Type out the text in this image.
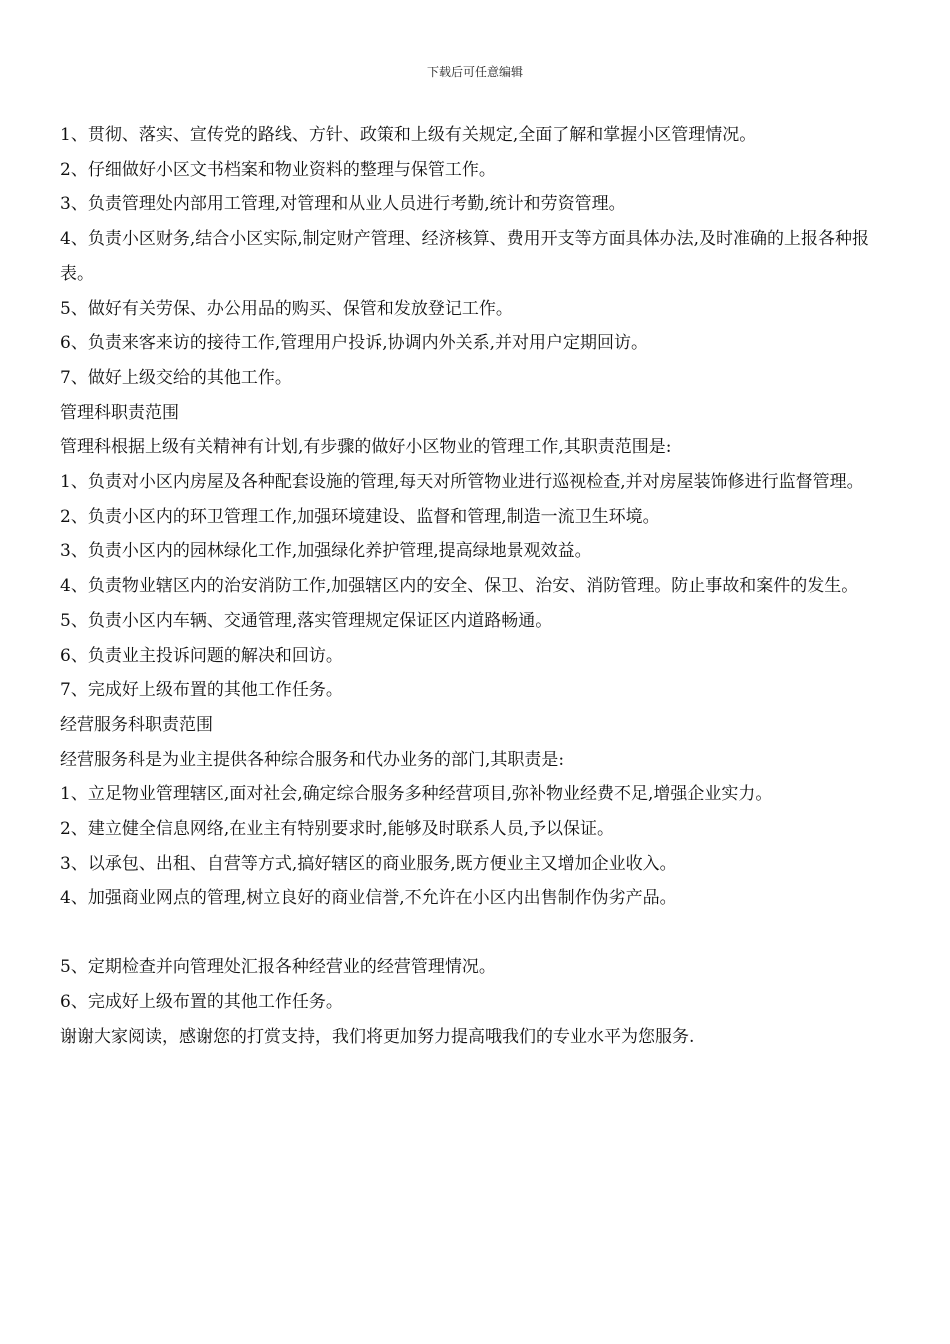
下载后可任意编辑

1、贯彻、落实、宣传党的路线、方针、政策和上级有关规定,全面了解和掌握小区管理情况。

2、仔细做好小区文书档案和物业资料的整理与保管工作。

3、负责管理处内部用工管理,对管理和从业人员进行考勤,统计和劳资管理。

4、负责小区财务,结合小区实际,制定财产管理、经济核算、费用开支等方面具体办法,及时准确的上报各种报表。

5、做好有关劳保、办公用品的购买、保管和发放登记工作。

6、负责来客来访的接待工作,管理用户投诉,协调内外关系,并对用户定期回访。

7、做好上级交给的其他工作。

管理科职责范围

管理科根据上级有关精神有计划,有步骤的做好小区物业的管理工作,其职责范围是:

1、负责对小区内房屋及各种配套设施的管理,每天对所管物业进行巡视检查,并对房屋装饰修进行监督管理。

2、负责小区内的环卫管理工作,加强环境建设、监督和管理,制造一流卫生环境。

3、负责小区内的园林绿化工作,加强绿化养护管理,提高绿地景观效益。

4、负责物业辖区内的治安消防工作,加强辖区内的安全、保卫、治安、消防管理。防止事故和案件的发生。

5、负责小区内车辆、交通管理,落实管理规定保证区内道路畅通。

6、负责业主投诉问题的解决和回访。

7、完成好上级布置的其他工作任务。

经营服务科职责范围

经营服务科是为业主提供各种综合服务和代办业务的部门,其职责是:

1、立足物业管理辖区,面对社会,确定综合服务多种经营项目,弥补物业经费不足,增强企业实力。

2、建立健全信息网络,在业主有特别要求时,能够及时联系人员,予以保证。

3、以承包、出租、自营等方式,搞好辖区的商业服务,既方便业主又增加企业收入。

4、加强商业网点的管理,树立良好的商业信誉,不允许在小区内出售制作伪劣产品。

5、定期检查并向管理处汇报各种经营业的经营管理情况。

6、完成好上级布置的其他工作任务。

谢谢大家阅读，感谢您的打赏支持，我们将更加努力提高哦我们的专业水平为您服务.
